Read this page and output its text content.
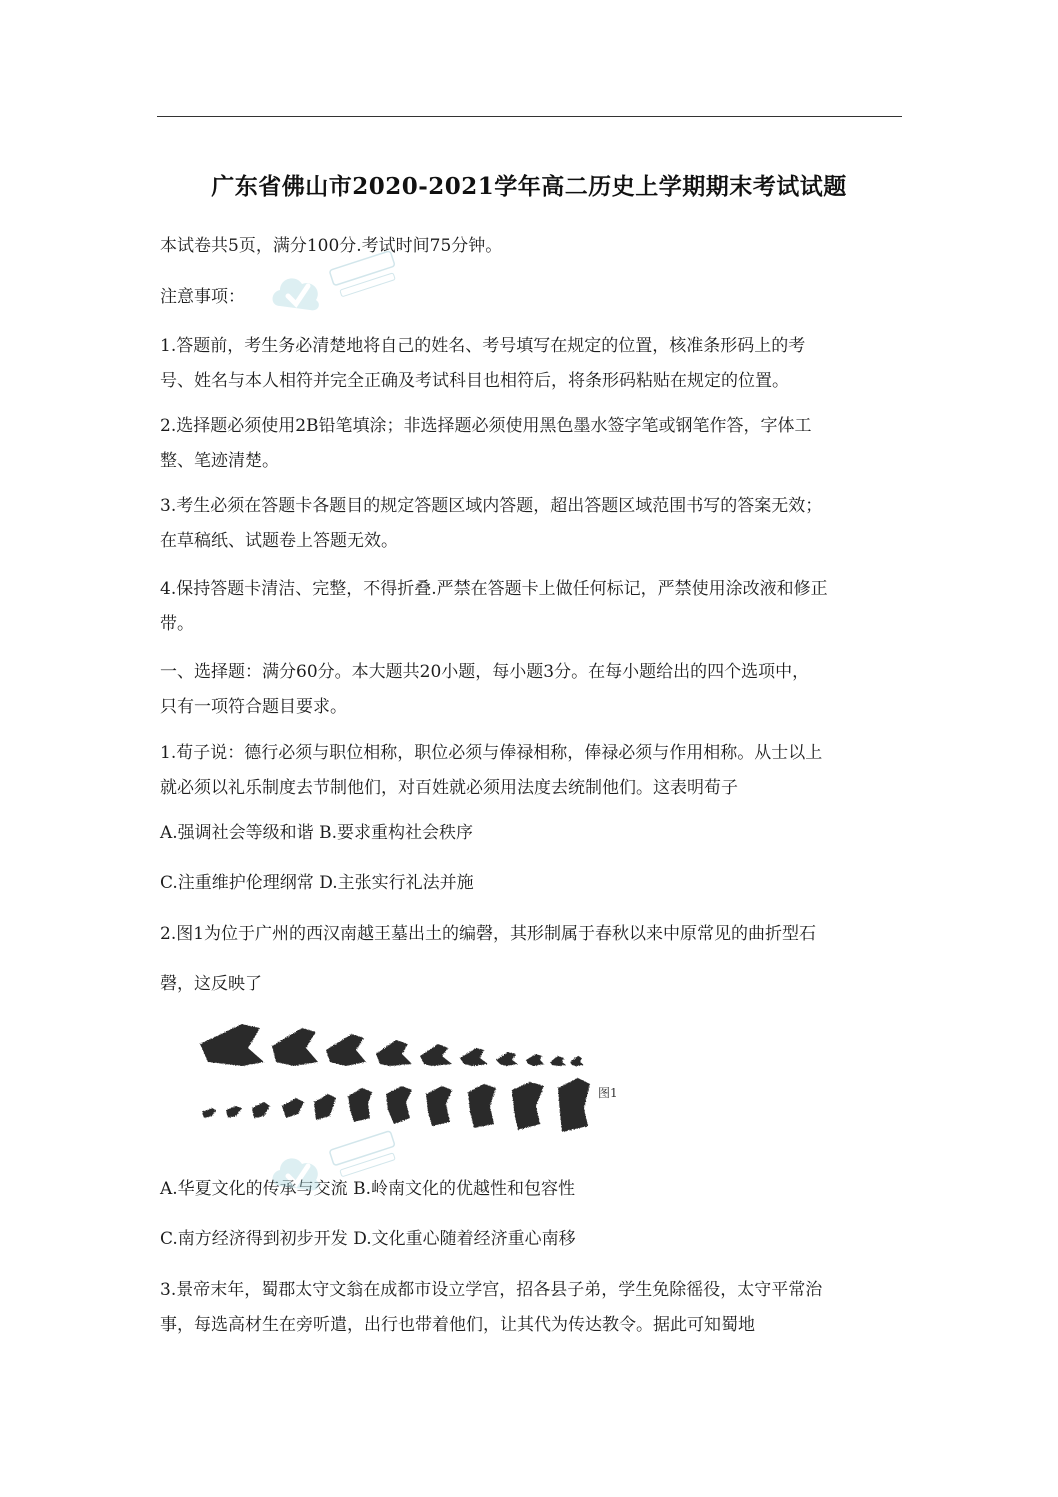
广东省佛山市2020-2021学年高二历史上学期期末考试试题
本试卷共5页，满分100分.考试时间75分钟。
注意事项：
1.答题前，考生务必清楚地将自己的姓名、考号填写在规定的位置，核准条形码上的考
号、姓名与本人相符并完全正确及考试科目也相符后，将条形码粘贴在规定的位置。
2.选择题必须使用2B铅笔填涂；非选择题必须使用黑色墨水签字笔或钢笔作答，字体工
整、笔迹清楚。
3.考生必须在答题卡各题目的规定答题区域内答题，超出答题区域范围书写的答案无效；
在草稿纸、试题卷上答题无效。
4.保持答题卡清洁、完整，不得折叠.严禁在答题卡上做任何标记，严禁使用涂改液和修正
带。
一、选择题：满分60分。本大题共20小题，每小题3分。在每小题给出的四个选项中，
只有一项符合题目要求。
1.荀子说：德行必须与职位相称，职位必须与俸禄相称，俸禄必须与作用相称。从士以上
就必须以礼乐制度去节制他们，对百姓就必须用法度去统制他们。这表明荀子
A.强调社会等级和谐 B.要求重构社会秩序
C.注重维护伦理纲常 D.主张实行礼法并施
2.图1为位于广州的西汉南越王墓出土的编磬，其形制属于春秋以来中原常见的曲折型石
磬，这反映了
图1
A.华夏文化的传承与交流 B.岭南文化的优越性和包容性
C.南方经济得到初步开发 D.文化重心随着经济重心南移
3.景帝末年，蜀郡太守文翁在成都市设立学宫，招各县子弟，学生免除徭役，太守平常治
事，每选高材生在旁听遣，出行也带着他们，让其代为传达教令。据此可知蜀地
